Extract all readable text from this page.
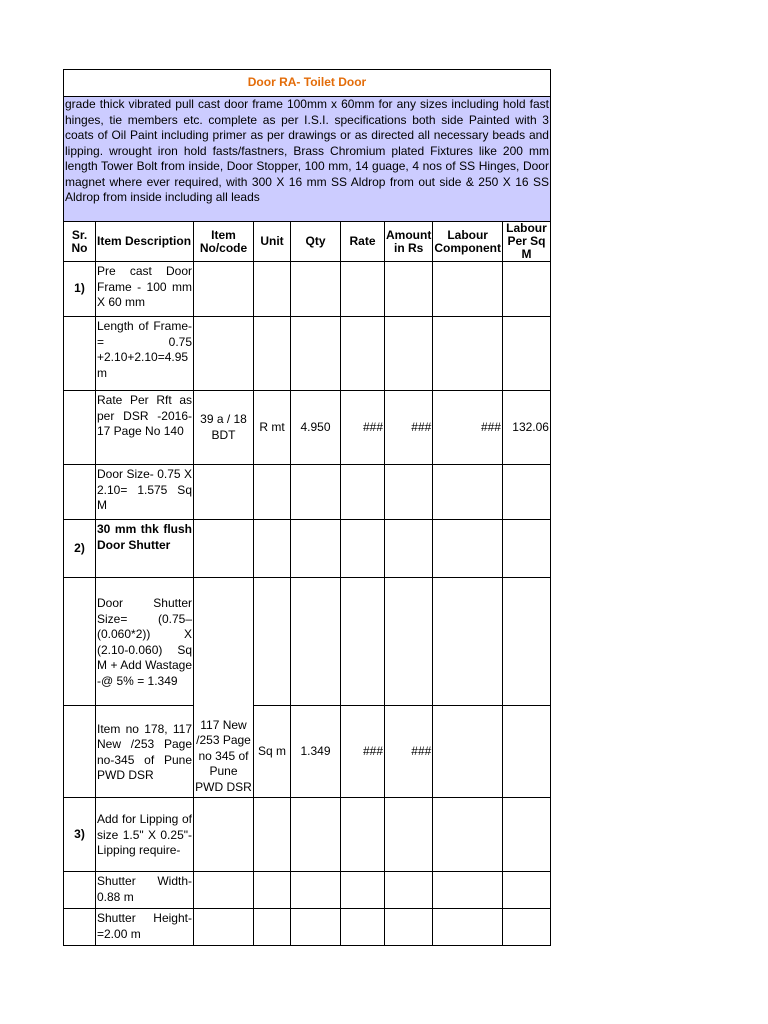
Door RA- Toilet Door								
grade thick vibrated pull cast door frame 100mm x 60mm for any sizes including hold fast hinges, tie members etc. complete as per I.S.I. specifications both side Painted with 3 coats of Oil Paint including primer as per drawings or as directed all necessary beads and lipping. wrought iron hold fasts/fastners, Brass Chromium plated Fixtures like 200 mm length Tower Bolt from inside, Door Stopper, 100 mm, 14 guage, 4 nos of SS Hinges, Door magnet where ever required, with 300 X 16 mm SS Aldrop from out side & 250 X 16 SS Aldrop from inside including all leads								
Sr. No	Item Description	Item No/code	Unit	Qty	Rate	Amount in Rs	Labour Component	Labour Per Sq M
1)	Pre cast Door Frame - 100 mm X 60 mm							
	Length of Frame- = 0.75 +2.10+2.10=4.95 m							
	Rate Per Rft as per DSR -2016-17 Page No 140	39 a / 18 BDT	R mt	4.950	###	###	###	132.06
	Door Size- 0.75 X 2.10= 1.575 Sq M							
2)	30 mm thk flush Door Shutter							
	Door Shutter Size= (0.75–(0.060*2)) X (2.10-0.060) Sq M + Add Wastage -@ 5% = 1.349	117 New /253 Page no 345 of Pune PWD DSR						
	Item no 178, 117 New /253 Page no-345 of Pune PWD DSR		Sq m	1.349	###	###		
3)	Add for Lipping of size 1.5" X 0.25"- Lipping require-							
	Shutter Width-0.88 m							
	Shutter Height-=2.00 m							
